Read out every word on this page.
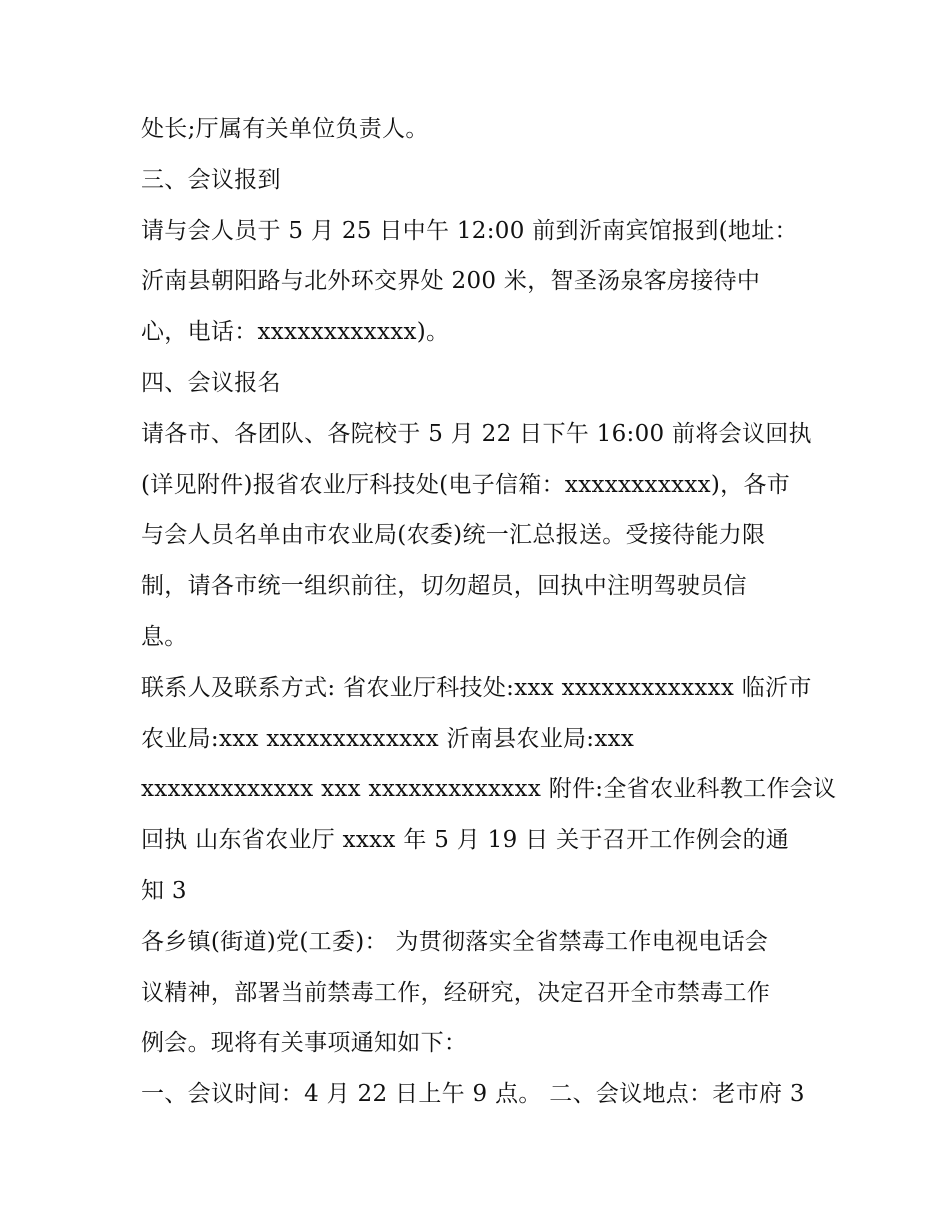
处长;厅属有关单位负责人。
三、会议报到
请与会人员于 5 月 25 日中午 12:00 前到沂南宾馆报到(地址：
沂南县朝阳路与北外环交界处 200 米，智圣汤泉客房接待中
心，电话：xxxxxxxxxxxx)。
四、会议报名
请各市、各团队、各院校于 5 月 22 日下午 16:00 前将会议回执
(详见附件)报省农业厅科技处(电子信箱：xxxxxxxxxxx)，各市
与会人员名单由市农业局(农委)统一汇总报送。受接待能力限
制，请各市统一组织前往，切勿超员，回执中注明驾驶员信
息。
联系人及联系方式: 省农业厅科技处:xxx xxxxxxxxxxxxx 临沂市
农业局:xxx xxxxxxxxxxxxx 沂南县农业局:xxx
xxxxxxxxxxxxx xxx xxxxxxxxxxxxx 附件:全省农业科教工作会议
回执 山东省农业厅 xxxx 年 5 月 19 日 关于召开工作例会的通
知 3
各乡镇(街道)党(工委)： 为贯彻落实全省禁毒工作电视电话会
议精神，部署当前禁毒工作，经研究，决定召开全市禁毒工作
例会。现将有关事项通知如下：
一、会议时间：4 月 22 日上午 9 点。 二、会议地点：老市府 3
